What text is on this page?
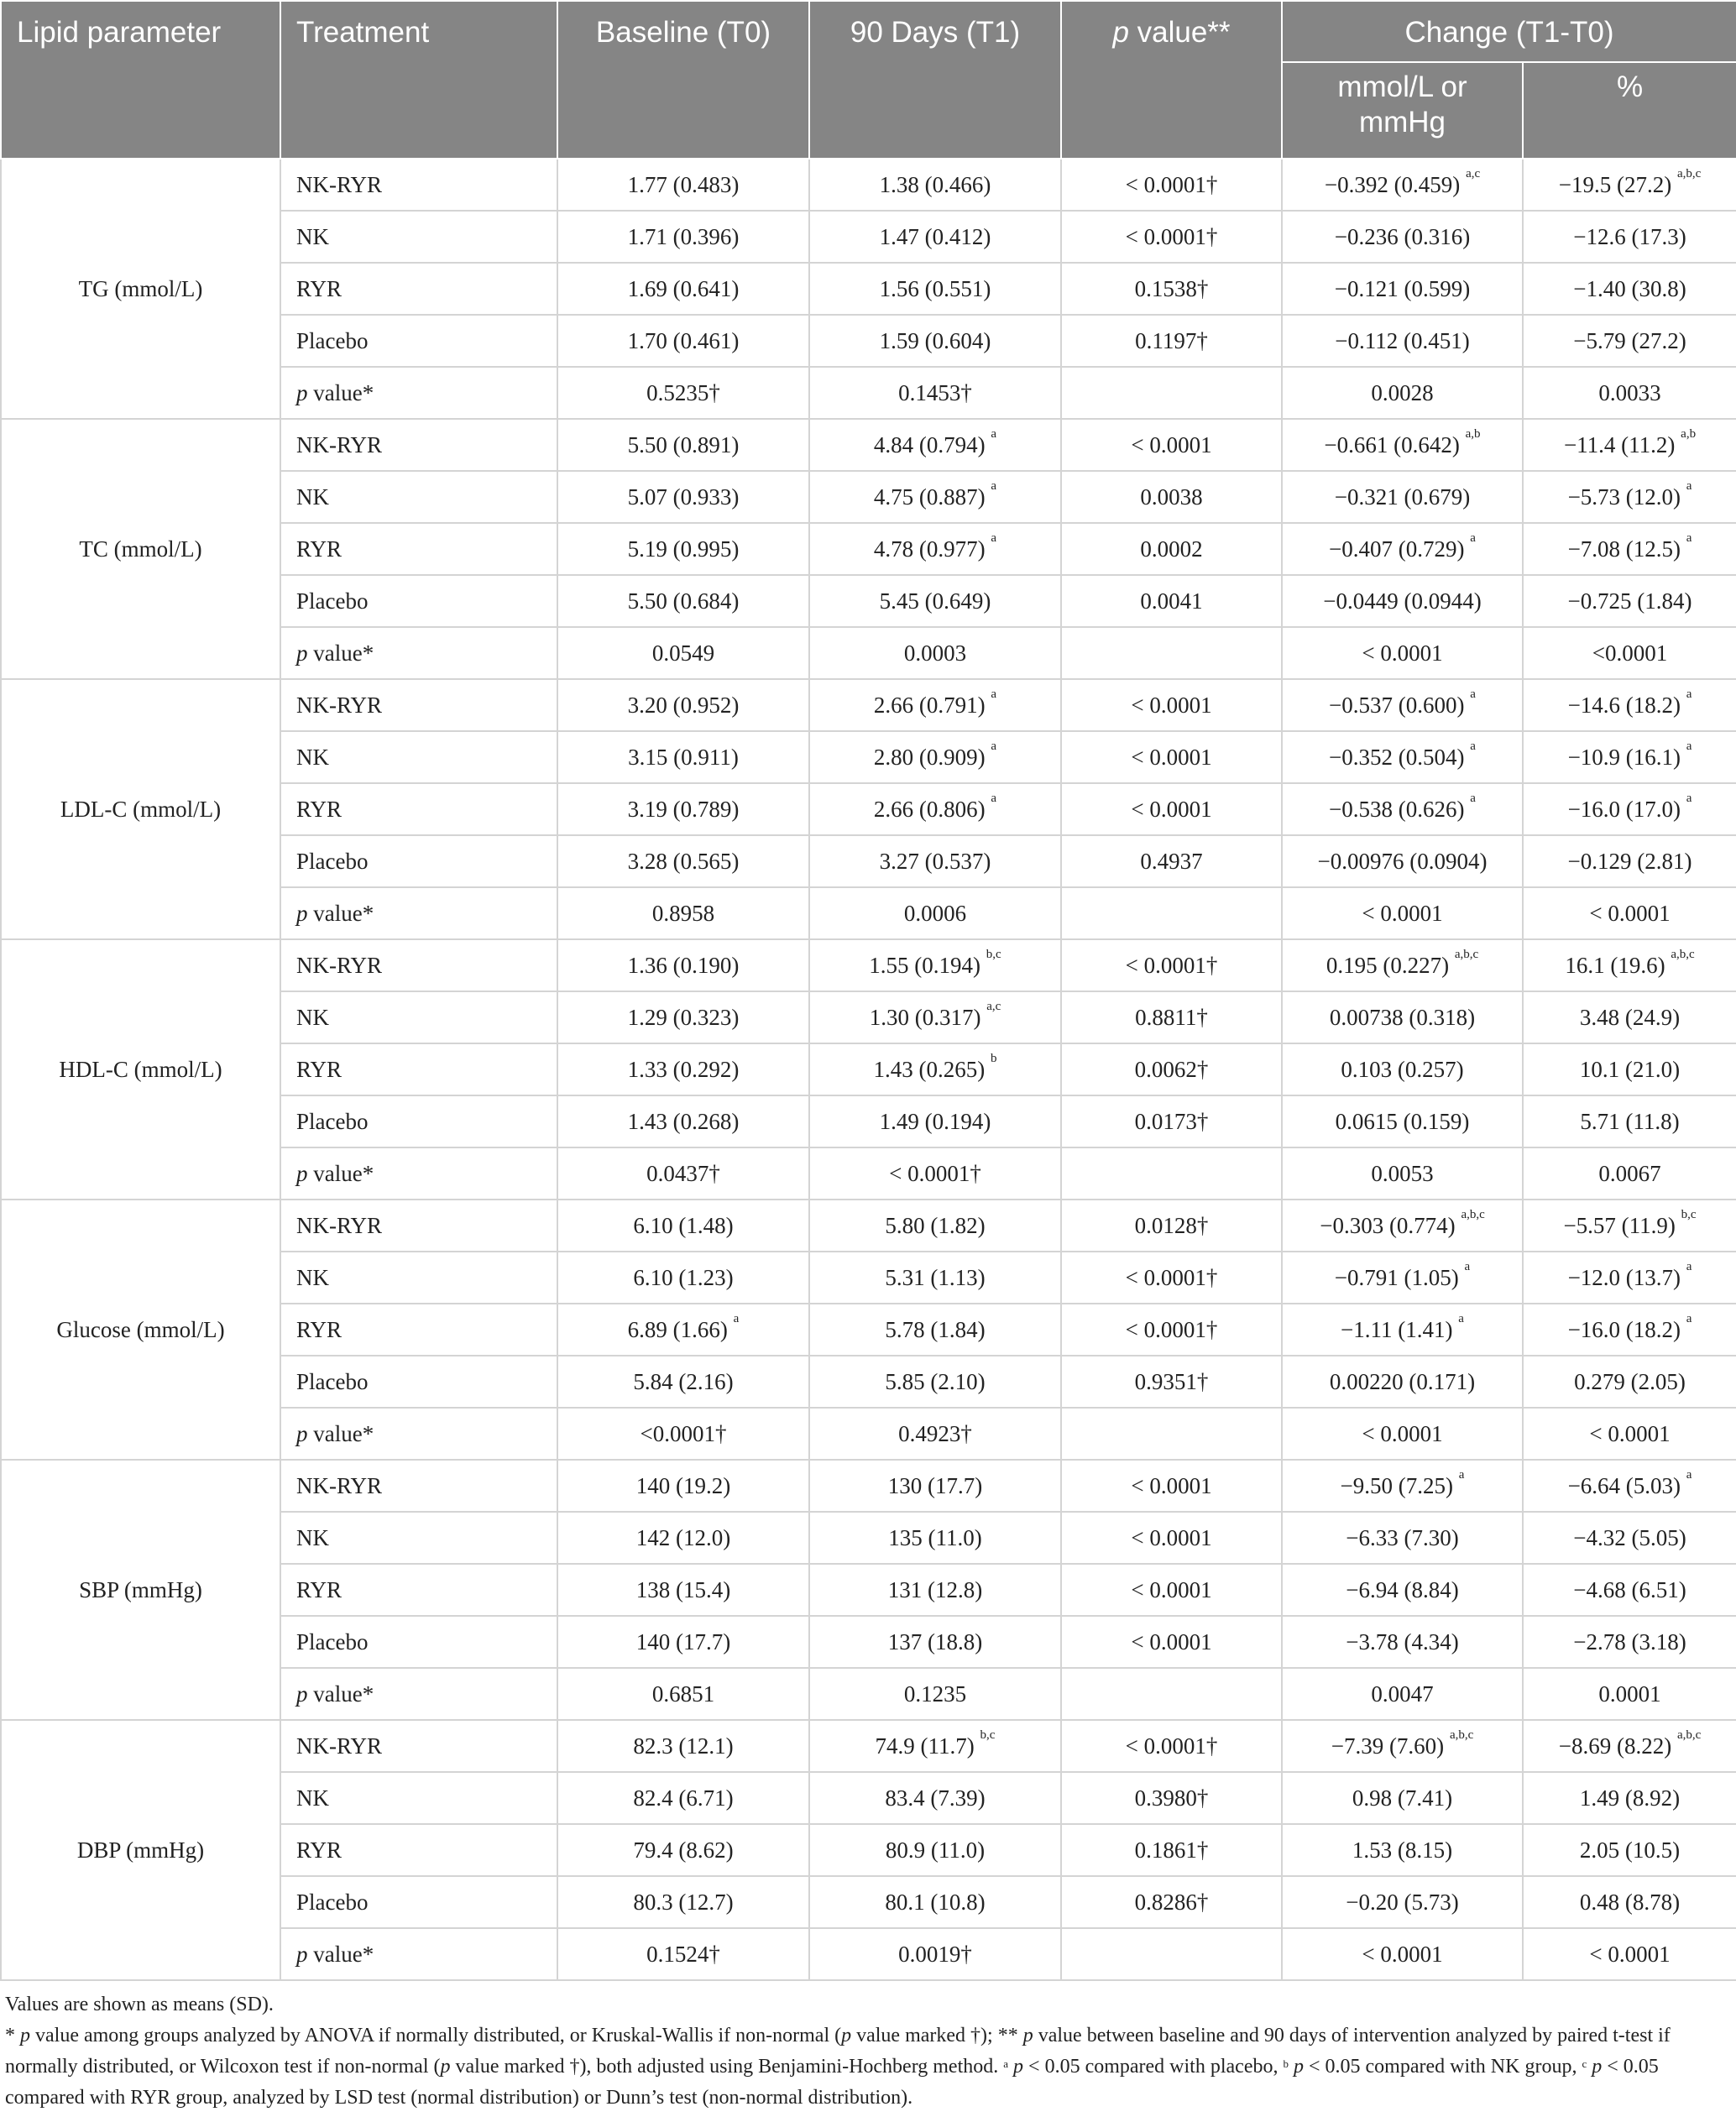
Lipid parameter	Treatment	Baseline (T0)	90 Days (T1)	p value**	Change (T1-T0)	
					mmol/L or mmHg	%
TG (mmol/L)	NK-RYR	1.77 (0.483)	1.38 (0.466)	< 0.0001†	−0.392 (0.459) $^{a,c}$	−19.5 (27.2) $^{a,b,c}$
	NK	1.71 (0.396)	1.47 (0.412)	< 0.0001†	−0.236 (0.316)	−12.6 (17.3)
	RYR	1.69 (0.641)	1.56 (0.551)	0.1538†	−0.121 (0.599)	−1.40 (30.8)
	Placebo	1.70 (0.461)	1.59 (0.604)	0.1197†	−0.112 (0.451)	−5.79 (27.2)
	p value*	0.5235†	0.1453†		0.0028	0.0033
TC (mmol/L)	NK-RYR	5.50 (0.891)	4.84 (0.794) $^a$	< 0.0001	−0.661 (0.642) $^{a,b}$	−11.4 (11.2) $^{a,b}$
	NK	5.07 (0.933)	4.75 (0.887) $^a$	0.0038	−0.321 (0.679)	−5.73 (12.0) $^a$
	RYR	5.19 (0.995)	4.78 (0.977) $^a$	0.0002	−0.407 (0.729) $^a$	−7.08 (12.5) $^a$
	Placebo	5.50 (0.684)	5.45 (0.649)	0.0041	−0.0449 (0.0944)	−0.725 (1.84)
	p value*	0.0549	0.0003		< 0.0001	<0.0001
LDL-C (mmol/L)	NK-RYR	3.20 (0.952)	2.66 (0.791) $^a$	< 0.0001	−0.537 (0.600) $^a$	−14.6 (18.2) $^a$
	NK	3.15 (0.911)	2.80 (0.909) $^a$	< 0.0001	−0.352 (0.504) $^a$	−10.9 (16.1) $^a$
	RYR	3.19 (0.789)	2.66 (0.806) $^a$	< 0.0001	−0.538 (0.626) $^a$	−16.0 (17.0) $^a$
	Placebo	3.28 (0.565)	3.27 (0.537)	0.4937	−0.00976 (0.0904)	−0.129 (2.81)
	p value*	0.8958	0.0006		< 0.0001	< 0.0001
HDL-C (mmol/L)	NK-RYR	1.36 (0.190)	1.55 (0.194) $^{b,c}$	< 0.0001†	0.195 (0.227) $^{a,b,c}$	16.1 (19.6) $^{a,b,c}$
	NK	1.29 (0.323)	1.30 (0.317) $^{a,c}$	0.8811†	0.00738 (0.318)	3.48 (24.9)
	RYR	1.33 (0.292)	1.43 (0.265) $^b$	0.0062†	0.103 (0.257)	10.1 (21.0)
	Placebo	1.43 (0.268)	1.49 (0.194)	0.0173†	0.0615 (0.159)	5.71 (11.8)
	p value*	0.0437†	< 0.0001†		0.0053	0.0067
Glucose (mmol/L)	NK-RYR	6.10 (1.48)	5.80 (1.82)	0.0128†	−0.303 (0.774) $^{a,b,c}$	−5.57 (11.9) $^{b,c}$
	NK	6.10 (1.23)	5.31 (1.13)	< 0.0001†	−0.791 (1.05) $^a$	−12.0 (13.7) $^a$
	RYR	6.89 (1.66) $^a$	5.78 (1.84)	< 0.0001†	−1.11 (1.41) $^a$	−16.0 (18.2) $^a$
	Placebo	5.84 (2.16)	5.85 (2.10)	0.9351†	0.00220 (0.171)	0.279 (2.05)
	p value*	<0.0001†	0.4923†		< 0.0001	< 0.0001
SBP (mmHg)	NK-RYR	140 (19.2)	130 (17.7)	< 0.0001	−9.50 (7.25) $^a$	−6.64 (5.03) $^a$
	NK	142 (12.0)	135 (11.0)	< 0.0001	−6.33 (7.30)	−4.32 (5.05)
	RYR	138 (15.4)	131 (12.8)	< 0.0001	−6.94 (8.84)	−4.68 (6.51)
	Placebo	140 (17.7)	137 (18.8)	< 0.0001	−3.78 (4.34)	−2.78 (3.18)
	p value*	0.6851	0.1235		0.0047	0.0001
DBP (mmHg)	NK-RYR	82.3 (12.1)	74.9 (11.7) $^{b,c}$	< 0.0001†	−7.39 (7.60) $^{a,b,c}$	−8.69 (8.22) $^{a,b,c}$
	NK	82.4 (6.71)	83.4 (7.39)	0.3980†	0.98 (7.41)	1.49 (8.92)
	RYR	79.4 (8.62)	80.9 (11.0)	0.1861†	1.53 (8.15)	2.05 (10.5)
	Placebo	80.3 (12.7)	80.1 (10.8)	0.8286†	−0.20 (5.73)	0.48 (8.78)
	p value*	0.1524†	0.0019†		< 0.0001	< 0.0001

Values are shown as means (SD).

* p value among groups analyzed by ANOVA if normally distributed, or Kruskal-Wallis if non-normal (p value marked †); ** p value between baseline and 90 days of intervention analyzed by paired t-test if normally distributed, or Wilcoxon test if non-normal (p value marked †), both adjusted using Benjamini-Hochberg method. $^a$ p < 0.05 compared with placebo, $^b$ p < 0.05 compared with NK group, $^c$ p < 0.05 compared with RYR group, analyzed by LSD test (normal distribution) or Dunn’s test (non-normal distribution).
